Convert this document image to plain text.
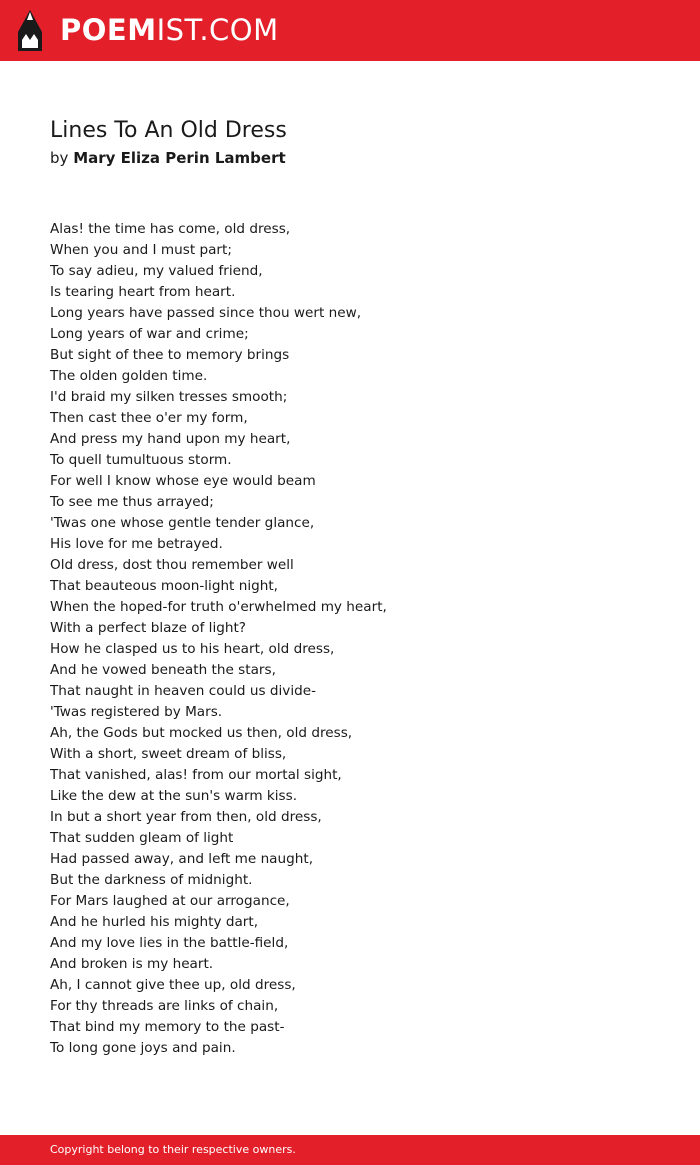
POEMIST.COM
Lines To An Old Dress
by Mary Eliza Perin Lambert
Alas! the time has come, old dress,
When you and I must part;
To say adieu, my valued friend,
Is tearing heart from heart.
Long years have passed since thou wert new,
Long years of war and crime;
But sight of thee to memory brings
The olden golden time.
I'd braid my silken tresses smooth;
Then cast thee o'er my form,
And press my hand upon my heart,
To quell tumultuous storm.
For well I know whose eye would beam
To see me thus arrayed;
'Twas one whose gentle tender glance,
His love for me betrayed.
Old dress, dost thou remember well
That beauteous moon-light night,
When the hoped-for truth o'erwhelmed my heart,
With a perfect blaze of light?
How he clasped us to his heart, old dress,
And he vowed beneath the stars,
That naught in heaven could us divide-
'Twas registered by Mars.
Ah, the Gods but mocked us then, old dress,
With a short, sweet dream of bliss,
That vanished, alas! from our mortal sight,
Like the dew at the sun's warm kiss.
In but a short year from then, old dress,
That sudden gleam of light
Had passed away, and left me naught,
But the darkness of midnight.
For Mars laughed at our arrogance,
And he hurled his mighty dart,
And my love lies in the battle-field,
And broken is my heart.
Ah, I cannot give thee up, old dress,
For thy threads are links of chain,
That bind my memory to the past-
To long gone joys and pain.
Copyright belong to their respective owners.
